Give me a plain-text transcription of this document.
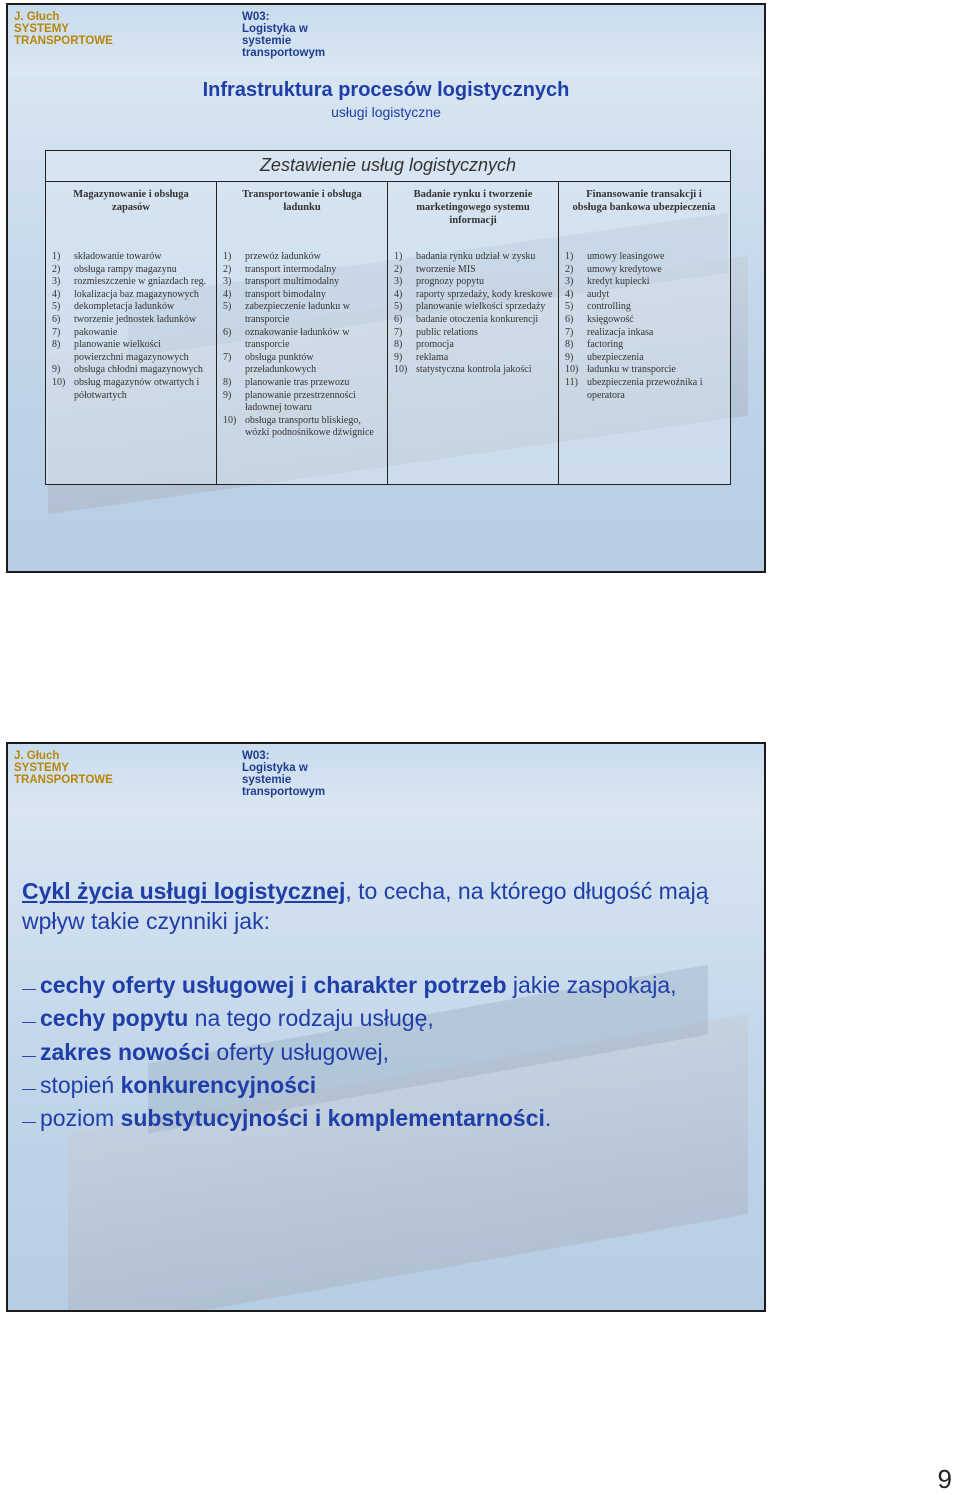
J. Głuch SYSTEMY TRANSPORTOWE
W03: Logistyka w systemie transportowym
Infrastruktura procesów logistycznych
usługi logistyczne
Zestawienie usług logistycznych
Magazynowanie i obsługa zapasów
1) składowanie towarów
2) obsługa rampy magazynu
3) rozmieszczenie w gniazdach reg.
4) lokalizacja baz magazynowych
5) dekompletacja ładunków
6) tworzenie jednostek ładunków
7) pakowanie
8) planowanie wielkości powierzchni magazynowych
9) obsługa chłodni magazynowych
10) obsług magazynów otwartych i półotwartych
Transportowanie i obsługa ładunku
1) przewóz ładunków
2) transport intermodalny
3) transport multimodalny
4) transport bimodalny
5) zabezpieczenie ładunku w transporcie
6) oznakowanie ładunków w transporcie
7) obsługa punktów przeładunkowych
8) planowanie tras przewozu
9) planowanie przestrzenności ładownej towaru
10) obsługa transportu bliskiego, wózki podnośnikowe dźwignice
Badanie rynku i tworzenie marketingowego systemu informacji
1) badania rynku udział w zysku
2) tworzenie MIS
3) prognozy popytu
4) raporty sprzedaży, kody kreskowe
5) planowanie wielkości sprzedaży
6) badanie otoczenia konkurencji
7) public relations
8) promocja
9) reklama
10) statystyczna kontrola jakości
Finansowanie transakcji i obsługa bankowa ubezpieczenia
1) umowy leasingowe
2) umowy kredytowe
3) kredyt kupiecki
4) audyt
5) controlling
6) księgowość
7) realizacja inkasa
8) factoring
9) ubezpieczenia
10) ładunku w transporcie
11) ubezpieczenia przewoźnika i operatora
J. Głuch SYSTEMY TRANSPORTOWE
W03: Logistyka w systemie transportowym
Cykl życia usługi logistycznej, to cecha, na którego długość mają wpływ takie czynniki jak:
— cechy oferty usługowej i charakter potrzeb jakie zaspokaja,
— cechy popytu na tego rodzaju usługę,
— zakres nowości oferty usługowej,
— stopień konkurencyjności
— poziom substytucyjności i komplementarności.
9
